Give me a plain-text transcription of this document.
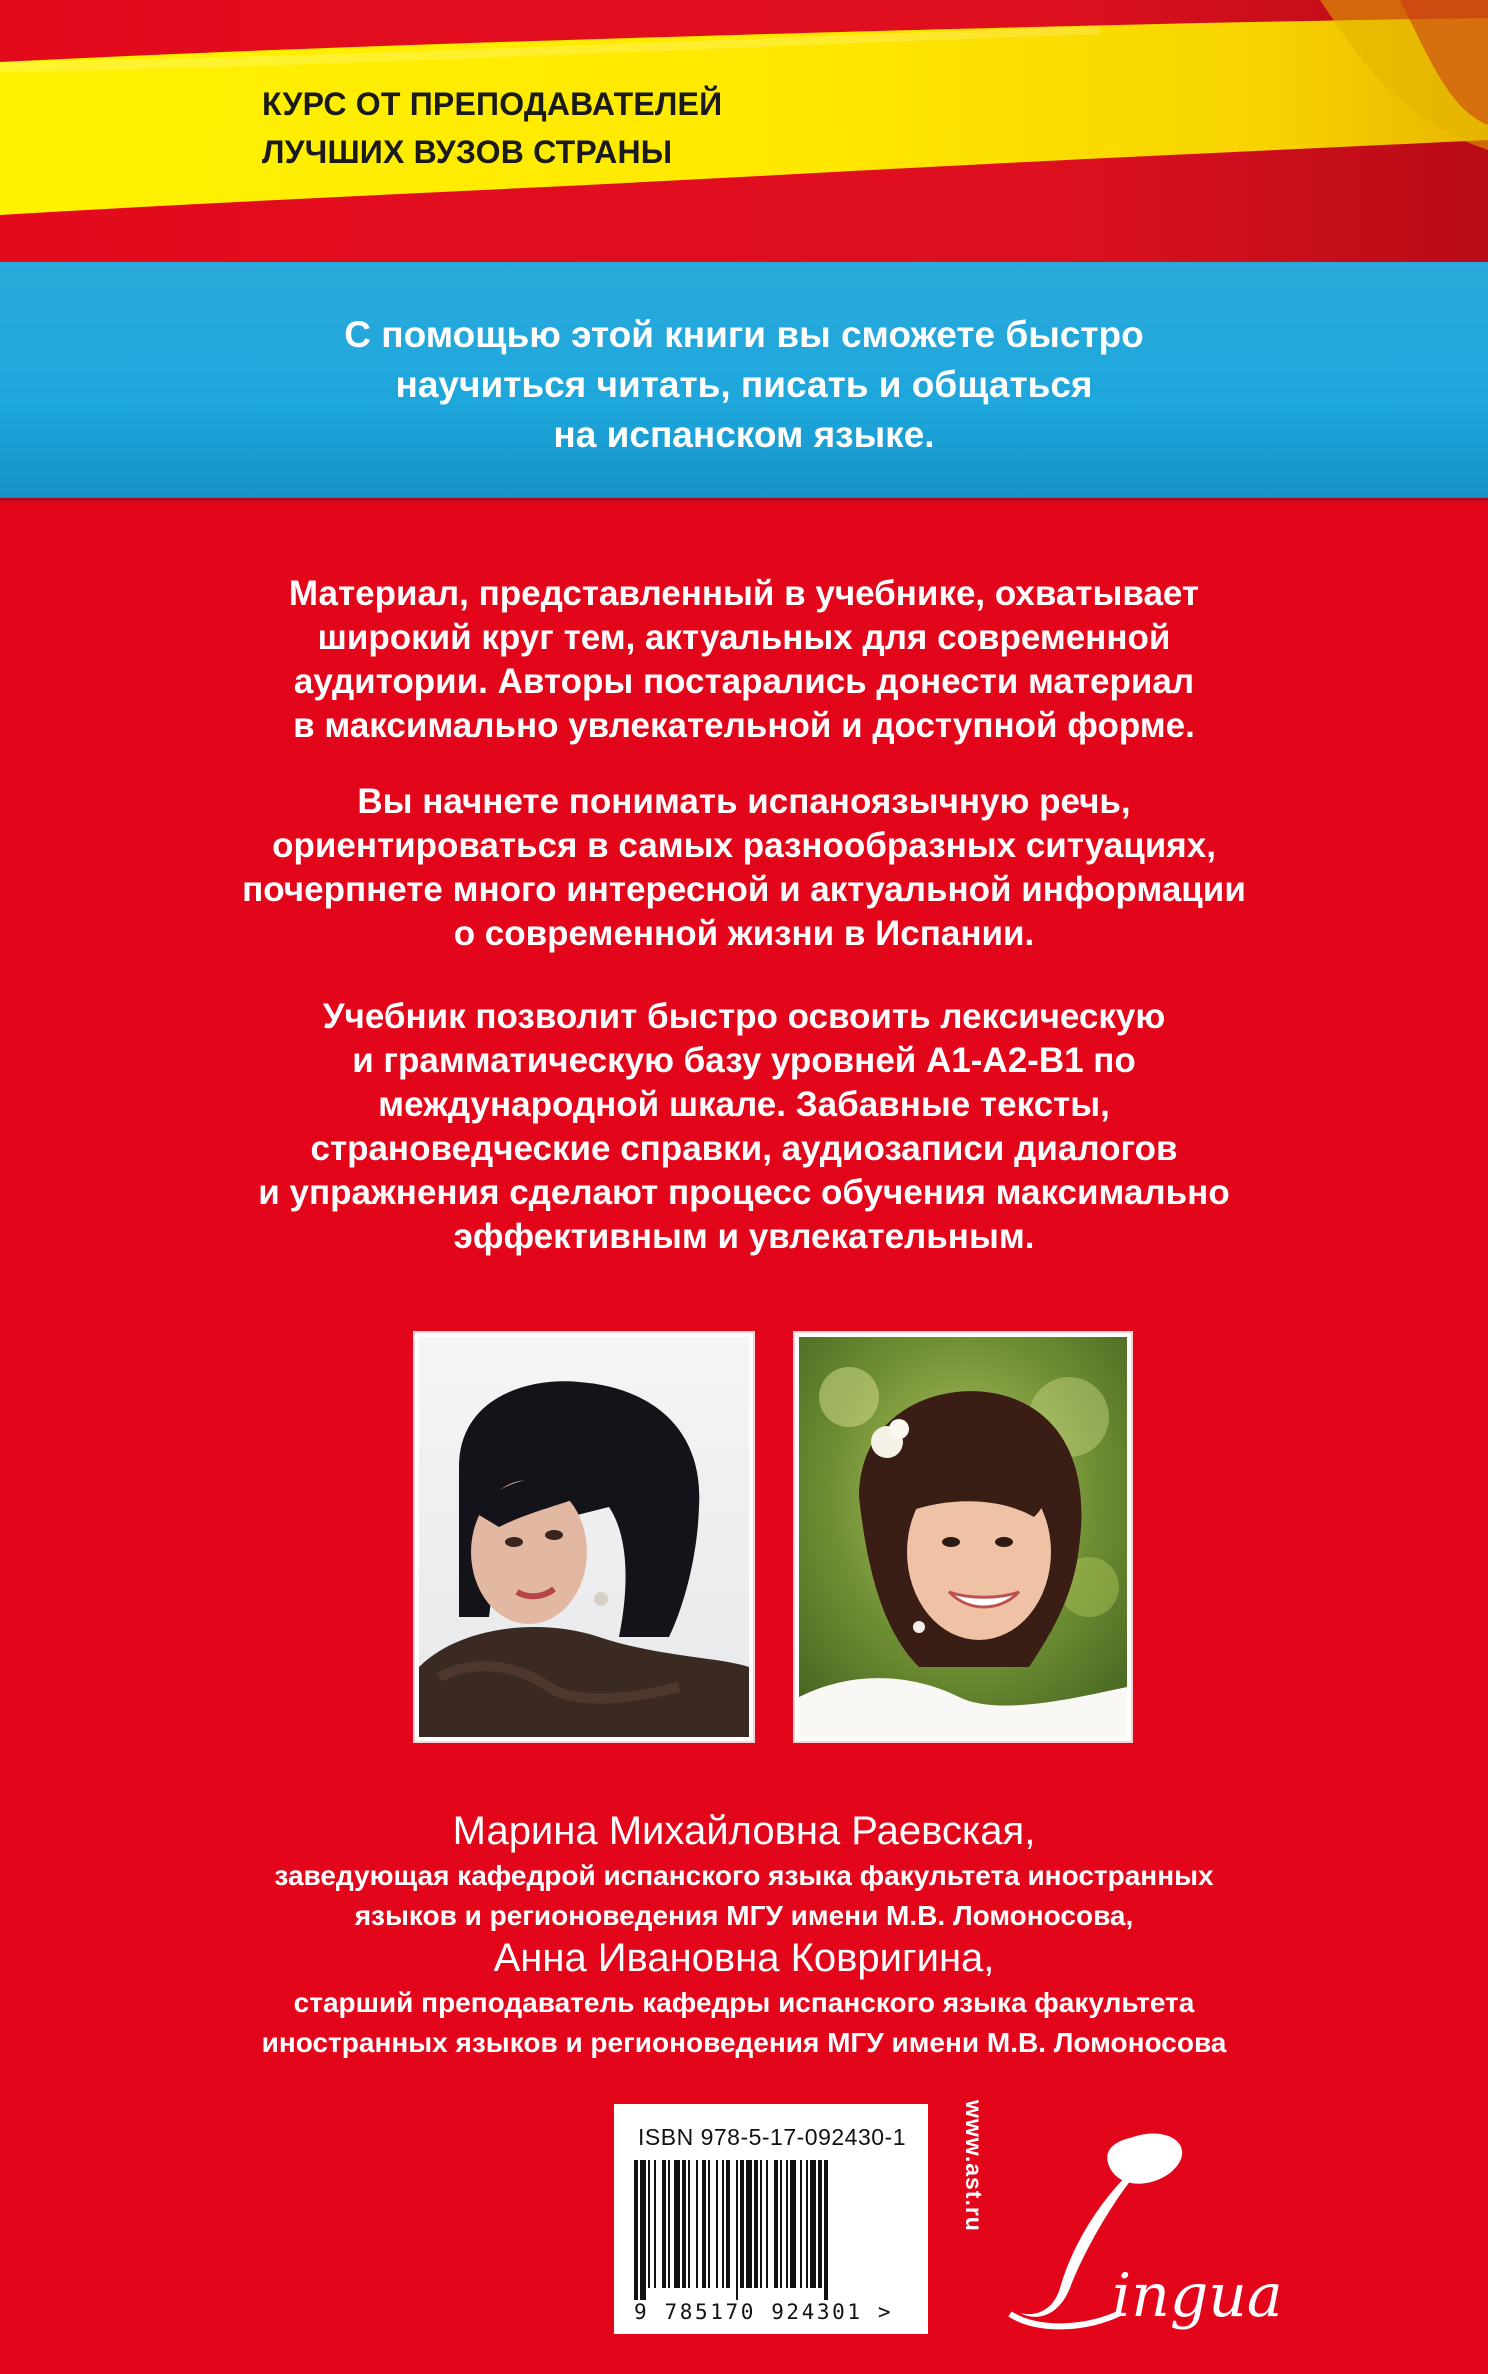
КУРС ОТ ПРЕПОДАВАТЕЛЕЙ
ЛУЧШИХ ВУЗОВ СТРАНЫ

С помощью этой книги вы сможете быстро
научиться читать, писать и общаться
на испанском языке.

Материал, представленный в учебнике, охватывает
широкий круг тем, актуальных для современной
аудитории. Авторы постарались донести материал
в максимально увлекательной и доступной форме.

Вы начнете понимать испаноязычную речь,
ориентироваться в самых разнообразных ситуациях,
почерпнете много интересной и актуальной информации
о современной жизни в Испании.

Учебник позволит быстро освоить лексическую
и грамматическую базу уровней A1-A2-B1 по
международной шкале. Забавные тексты,
страноведческие справки, аудиозаписи диалогов
и упражнения сделают процесс обучения максимально
эффективным и увлекательным.

Марина Михайловна Раевская,

заведующая кафедрой испанского языка факультета иностранных
языков и регионоведения МГУ имени М.В. Ломоносова,

Анна Ивановна Ковригина,

старший преподаватель кафедры испанского языка факультета
иностранных языков и регионоведения МГУ имени М.В. Ломоносова

ISBN 978-5-17-092430-1

9 785170 924301 >

www.ast.ru
ingua
